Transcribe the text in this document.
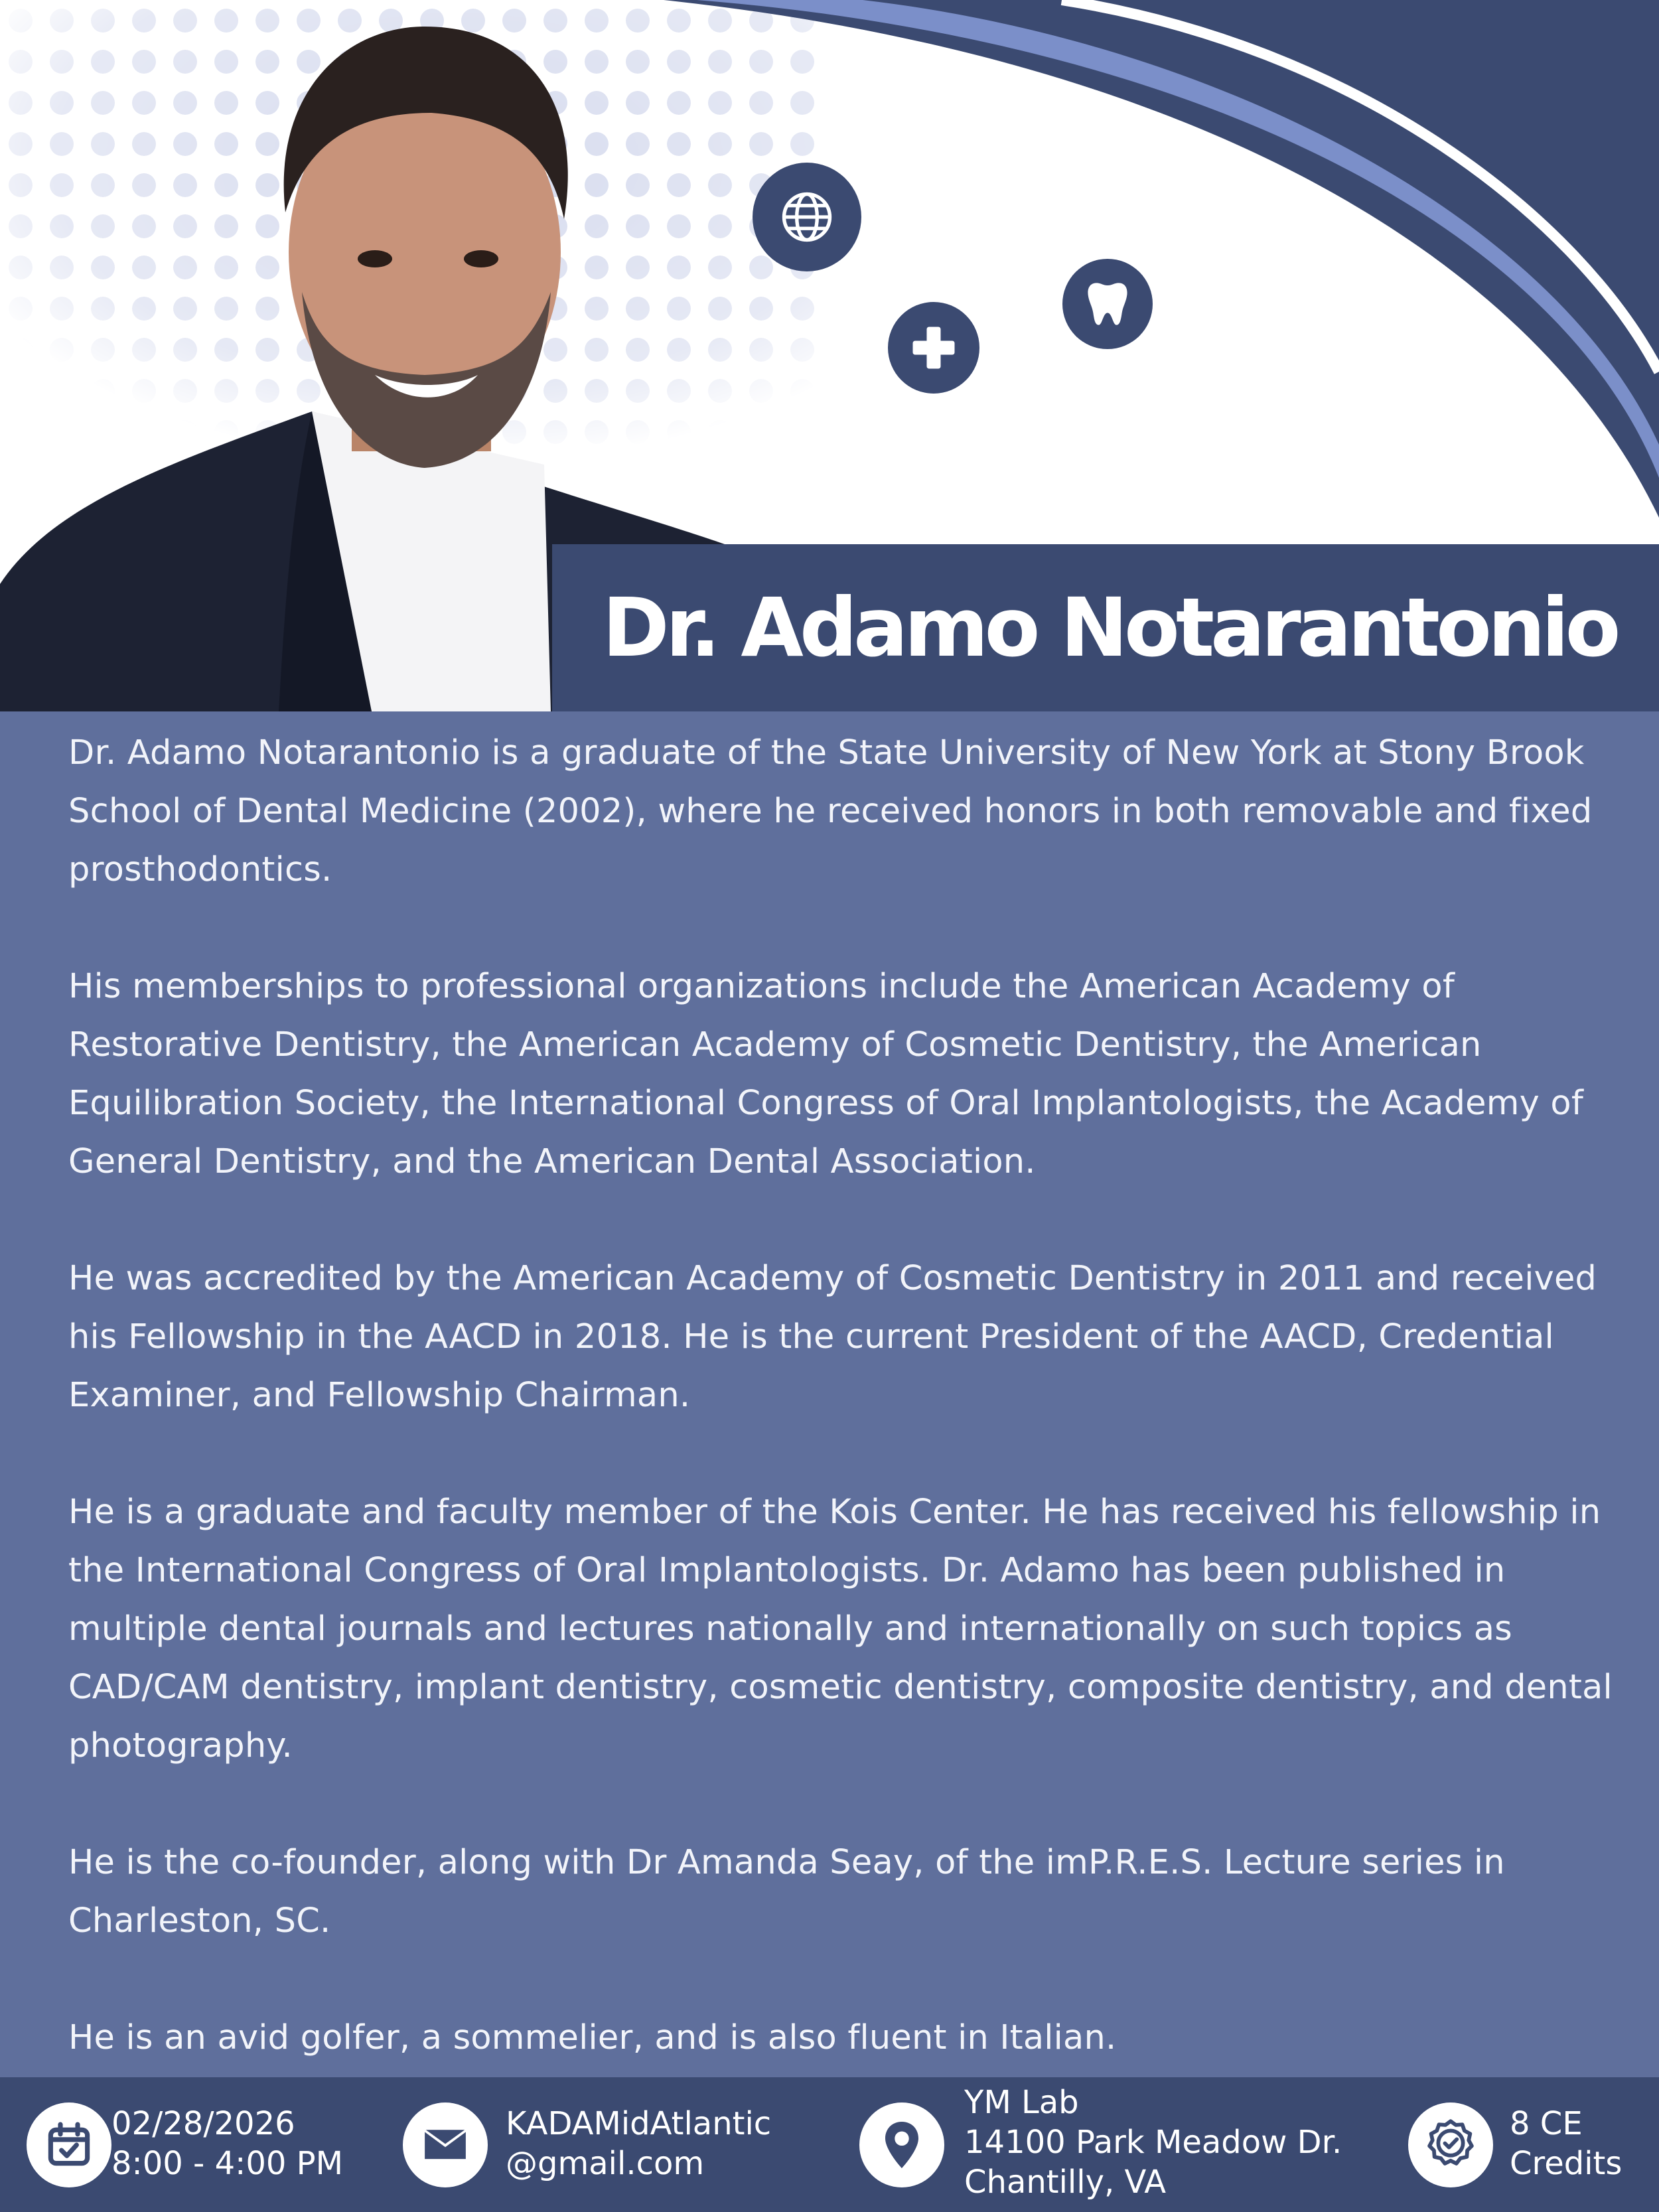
Dr. Adamo Notarantonio

Dr. Adamo Notarantonio is a graduate of the State University of New York at Stony Brook School of Dental Medicine (2002), where he received honors in both removable and fixed prosthodontics.

His memberships to professional organizations include the American Academy of Restorative Dentistry, the American Academy of Cosmetic Dentistry, the American Equilibration Society, the International Congress of Oral Implantologists, the Academy of General Dentistry, and the American Dental Association.

He was accredited by the American Academy of Cosmetic Dentistry in 2011 and received his Fellowship in the AACD in 2018. He is the current President of the AACD, Credential Examiner, and Fellowship Chairman.

He is a graduate and faculty member of the Kois Center. He has received his fellowship in the International Congress of Oral Implantologists. Dr. Adamo has been published in multiple dental journals and lectures nationally and internationally on such topics as CAD/CAM dentistry, implant dentistry, cosmetic dentistry, composite dentistry, and dental photography.

He is the co-founder, along with Dr Amanda Seay, of the imP.R.E.S. Lecture series in Charleston, SC.

He is an avid golfer, a sommelier, and is also fluent in Italian.

02/28/2026
8:00 - 4:00 PM
KADAMidAtlantic
@gmail.com
YM Lab
14100 Park Meadow Dr.
Chantilly, VA
8 CE
Credits
